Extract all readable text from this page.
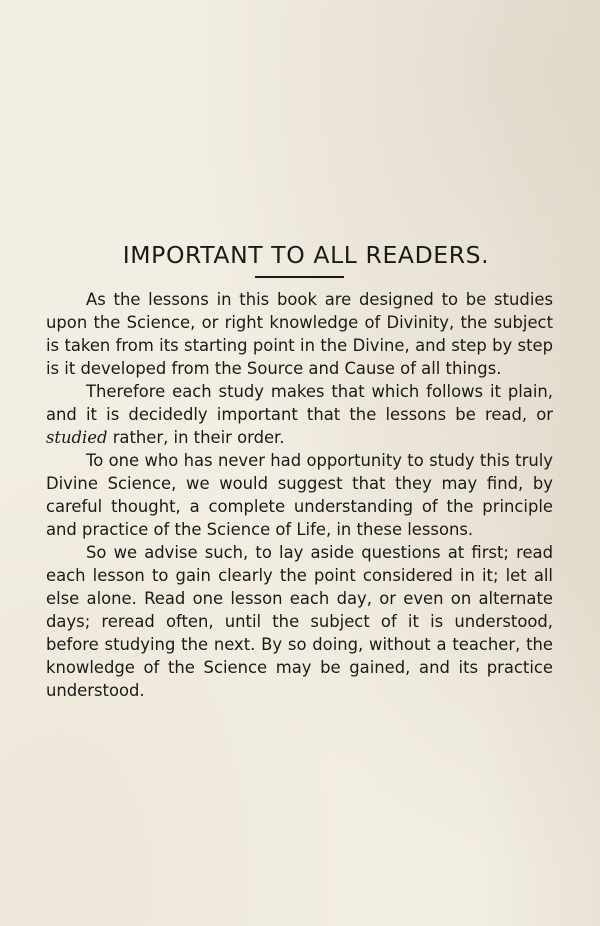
IMPORTANT TO ALL READERS.

As the lessons in this book are designed to be studies upon the Science, or right knowledge of Divinity, the subject is taken from its starting point in the Divine, and step by step is it developed from the Source and Cause of all things.

Therefore each study makes that which follows it plain, and it is decidedly important that the lessons be read, or studied rather, in their order.

To one who has never had opportunity to study this truly Divine Science, we would suggest that they may find, by careful thought, a complete understanding of the principle and practice of the Science of Life, in these lessons.

So we advise such, to lay aside questions at first; read each lesson to gain clearly the point considered in it; let all else alone. Read one lesson each day, or even on alternate days; reread often, until the subject of it is understood, before studying the next. By so doing, without a teacher, the knowledge of the Science may be gained, and its practice understood.
